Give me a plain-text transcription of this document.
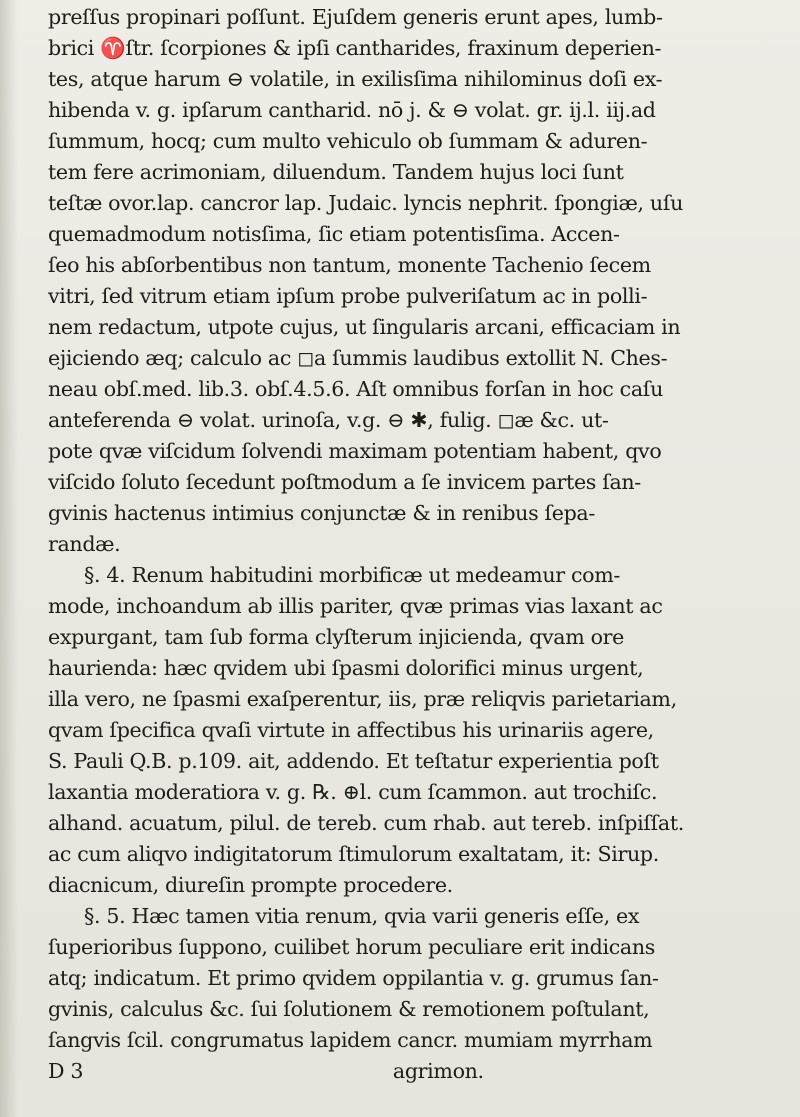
preſſus propinari poſſunt. Ejuſdem generis erunt apes, lumb-
brici ♈ſtr. ſcorpiones & ipſi cantharides, fraxinum deperien-
tes, atque harum ⊖ volatile, in exilisſima nihilominus doſi ex-
hibenda v. g. ipſarum cantharid. nō j. & ⊖ volat. gr. ij.l. iij.ad
ſummum, hocq; cum multo vehiculo ob ſummam & aduren-
tem fere acrimoniam, diluendum. Tandem hujus loci ſunt
teſtæ ovor.lap. cancror lap. Judaic. lyncis nephrit. ſpongiæ, uſu
quemadmodum notisſima, ſic etiam potentisſima. Accen-
ſeo his abſorbentibus non tantum, monente Tachenio ſecem
vitri, ſed vitrum etiam ipſum probe pulveriſatum ac in polli-
nem redactum, utpote cujus, ut ſingularis arcani, efficaciam in
ejiciendo æq; calculo ac ◻a ſummis laudibus extollit N. Ches-
neau obſ.med. lib.3. obſ.4.5.6. Aſt omnibus forſan in hoc caſu
anteferenda ⊖ volat. urinoſa, v.g. ⊖ ✱, fulig. ◻æ &c. ut-
pote qvæ viſcidum ſolvendi maximam potentiam habent, qvo
viſcido ſoluto ſecedunt poſtmodum a ſe invicem partes ſan-
gvinis hactenus intimius conjunctæ & in renibus ſepa-
randæ.
§. 4. Renum habitudini morbificæ ut medeamur com-
mode, inchoandum ab illis pariter, qvæ primas vias laxant ac
expurgant, tam ſub forma clyſterum injicienda, qvam ore
haurienda: hæc qvidem ubi ſpasmi dolorifici minus urgent,
illa vero, ne ſpasmi exaſperentur, iis, præ reliqvis parietariam,
qvam ſpecifica qvaſi virtute in affectibus his urinariis agere,
S. Pauli Q.B. p.109. ait, addendo. Et teſtatur experientia poſt
laxantia moderatiora v. g. ℞. ⊕l. cum ſcammon. aut trochiſc.
alhand. acuatum, pilul. de tereb. cum rhab. aut tereb. inſpiſſat.
ac cum aliqvo indigitatorum ſtimulorum exaltatam, it: Sirup.
diacnicum, diureſin prompte procedere.
§. 5. Hæc tamen vitia renum, qvia varii generis eſſe, ex
ſuperioribus ſuppono, cuilibet horum peculiare erit indicans
atq; indicatum. Et primo qvidem oppilantia v. g. grumus ſan-
gvinis, calculus &c. ſui ſolutionem & remotionem poſtulant,
ſangvis ſcil. congrumatus lapidem cancr. mumiam myrrham
D 3                                                  agrimon.
